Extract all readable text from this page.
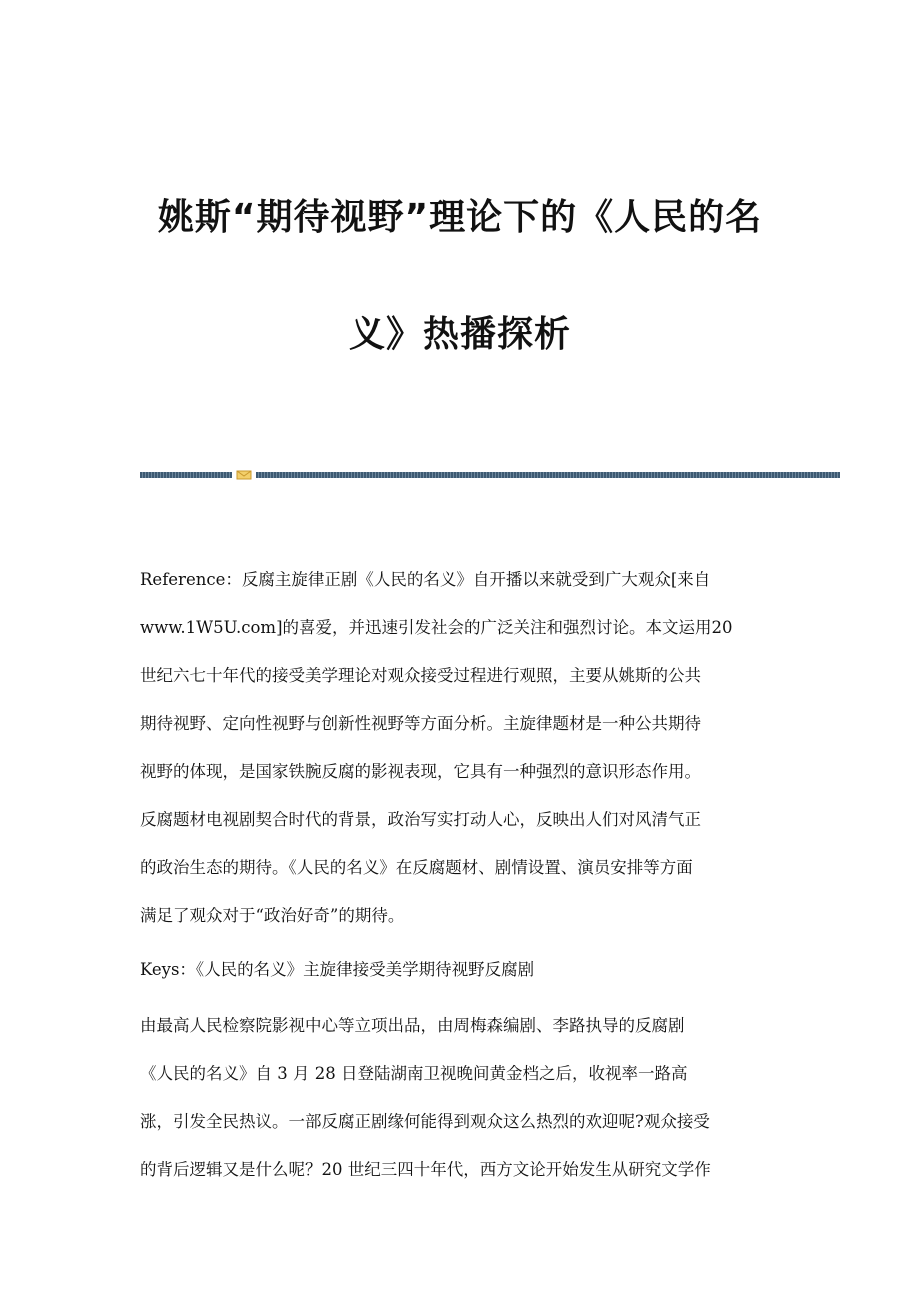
姚斯“期待视野”理论下的《人民的名
义》热播探析
Reference：反腐主旋律正剧《人民的名义》自开播以来就受到广大观众[来自
www.1W5U.com]的喜爱，并迅速引发社会的广泛关注和强烈讨论。本文运用20
世纪六七十年代的接受美学理论对观众接受过程进行观照，主要从姚斯的公共
期待视野、定向性视野与创新性视野等方面分析。主旋律题材是一种公共期待
视野的体现，是国家铁腕反腐的影视表现，它具有一种强烈的意识形态作用。
反腐题材电视剧契合时代的背景，政治写实打动人心，反映出人们对风清气正
的政治生态的期待。《人民的名义》在反腐题材、剧情设置、演员安排等方面
满足了观众对于“政治好奇”的期待。
Keys：《人民的名义》主旋律接受美学期待视野反腐剧
由最高人民检察院影视中心等立项出品，由周梅森编剧、李路执导的反腐剧
《人民的名义》自 3 月 28 日登陆湖南卫视晚间黄金档之后，收视率一路高
涨，引发全民热议。一部反腐正剧缘何能得到观众这么热烈的欢迎呢?观众接受
的背后逻辑又是什么呢？20 世纪三四十年代，西方文论开始发生从研究文学作
